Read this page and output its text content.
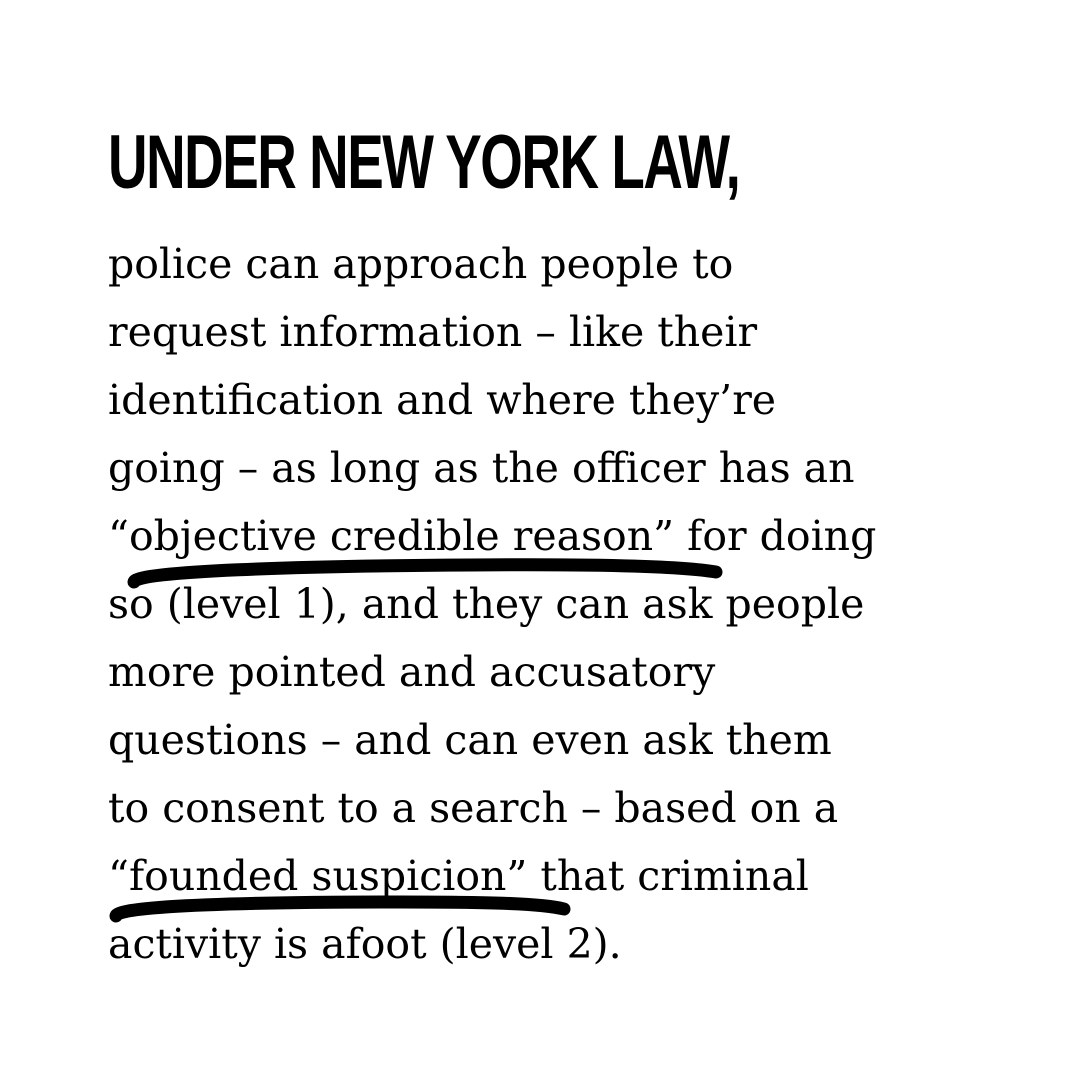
UNDER NEW YORK LAW,
police can approach people to
request information – like their
identification and where they’re
going – as long as the officer has an
“objective credible reason” for doing
so (level 1), and they can ask people
more pointed and accusatory
questions – and can even ask them
to consent to a search – based on a
“founded suspicion” that criminal
activity is afoot (level 2).
